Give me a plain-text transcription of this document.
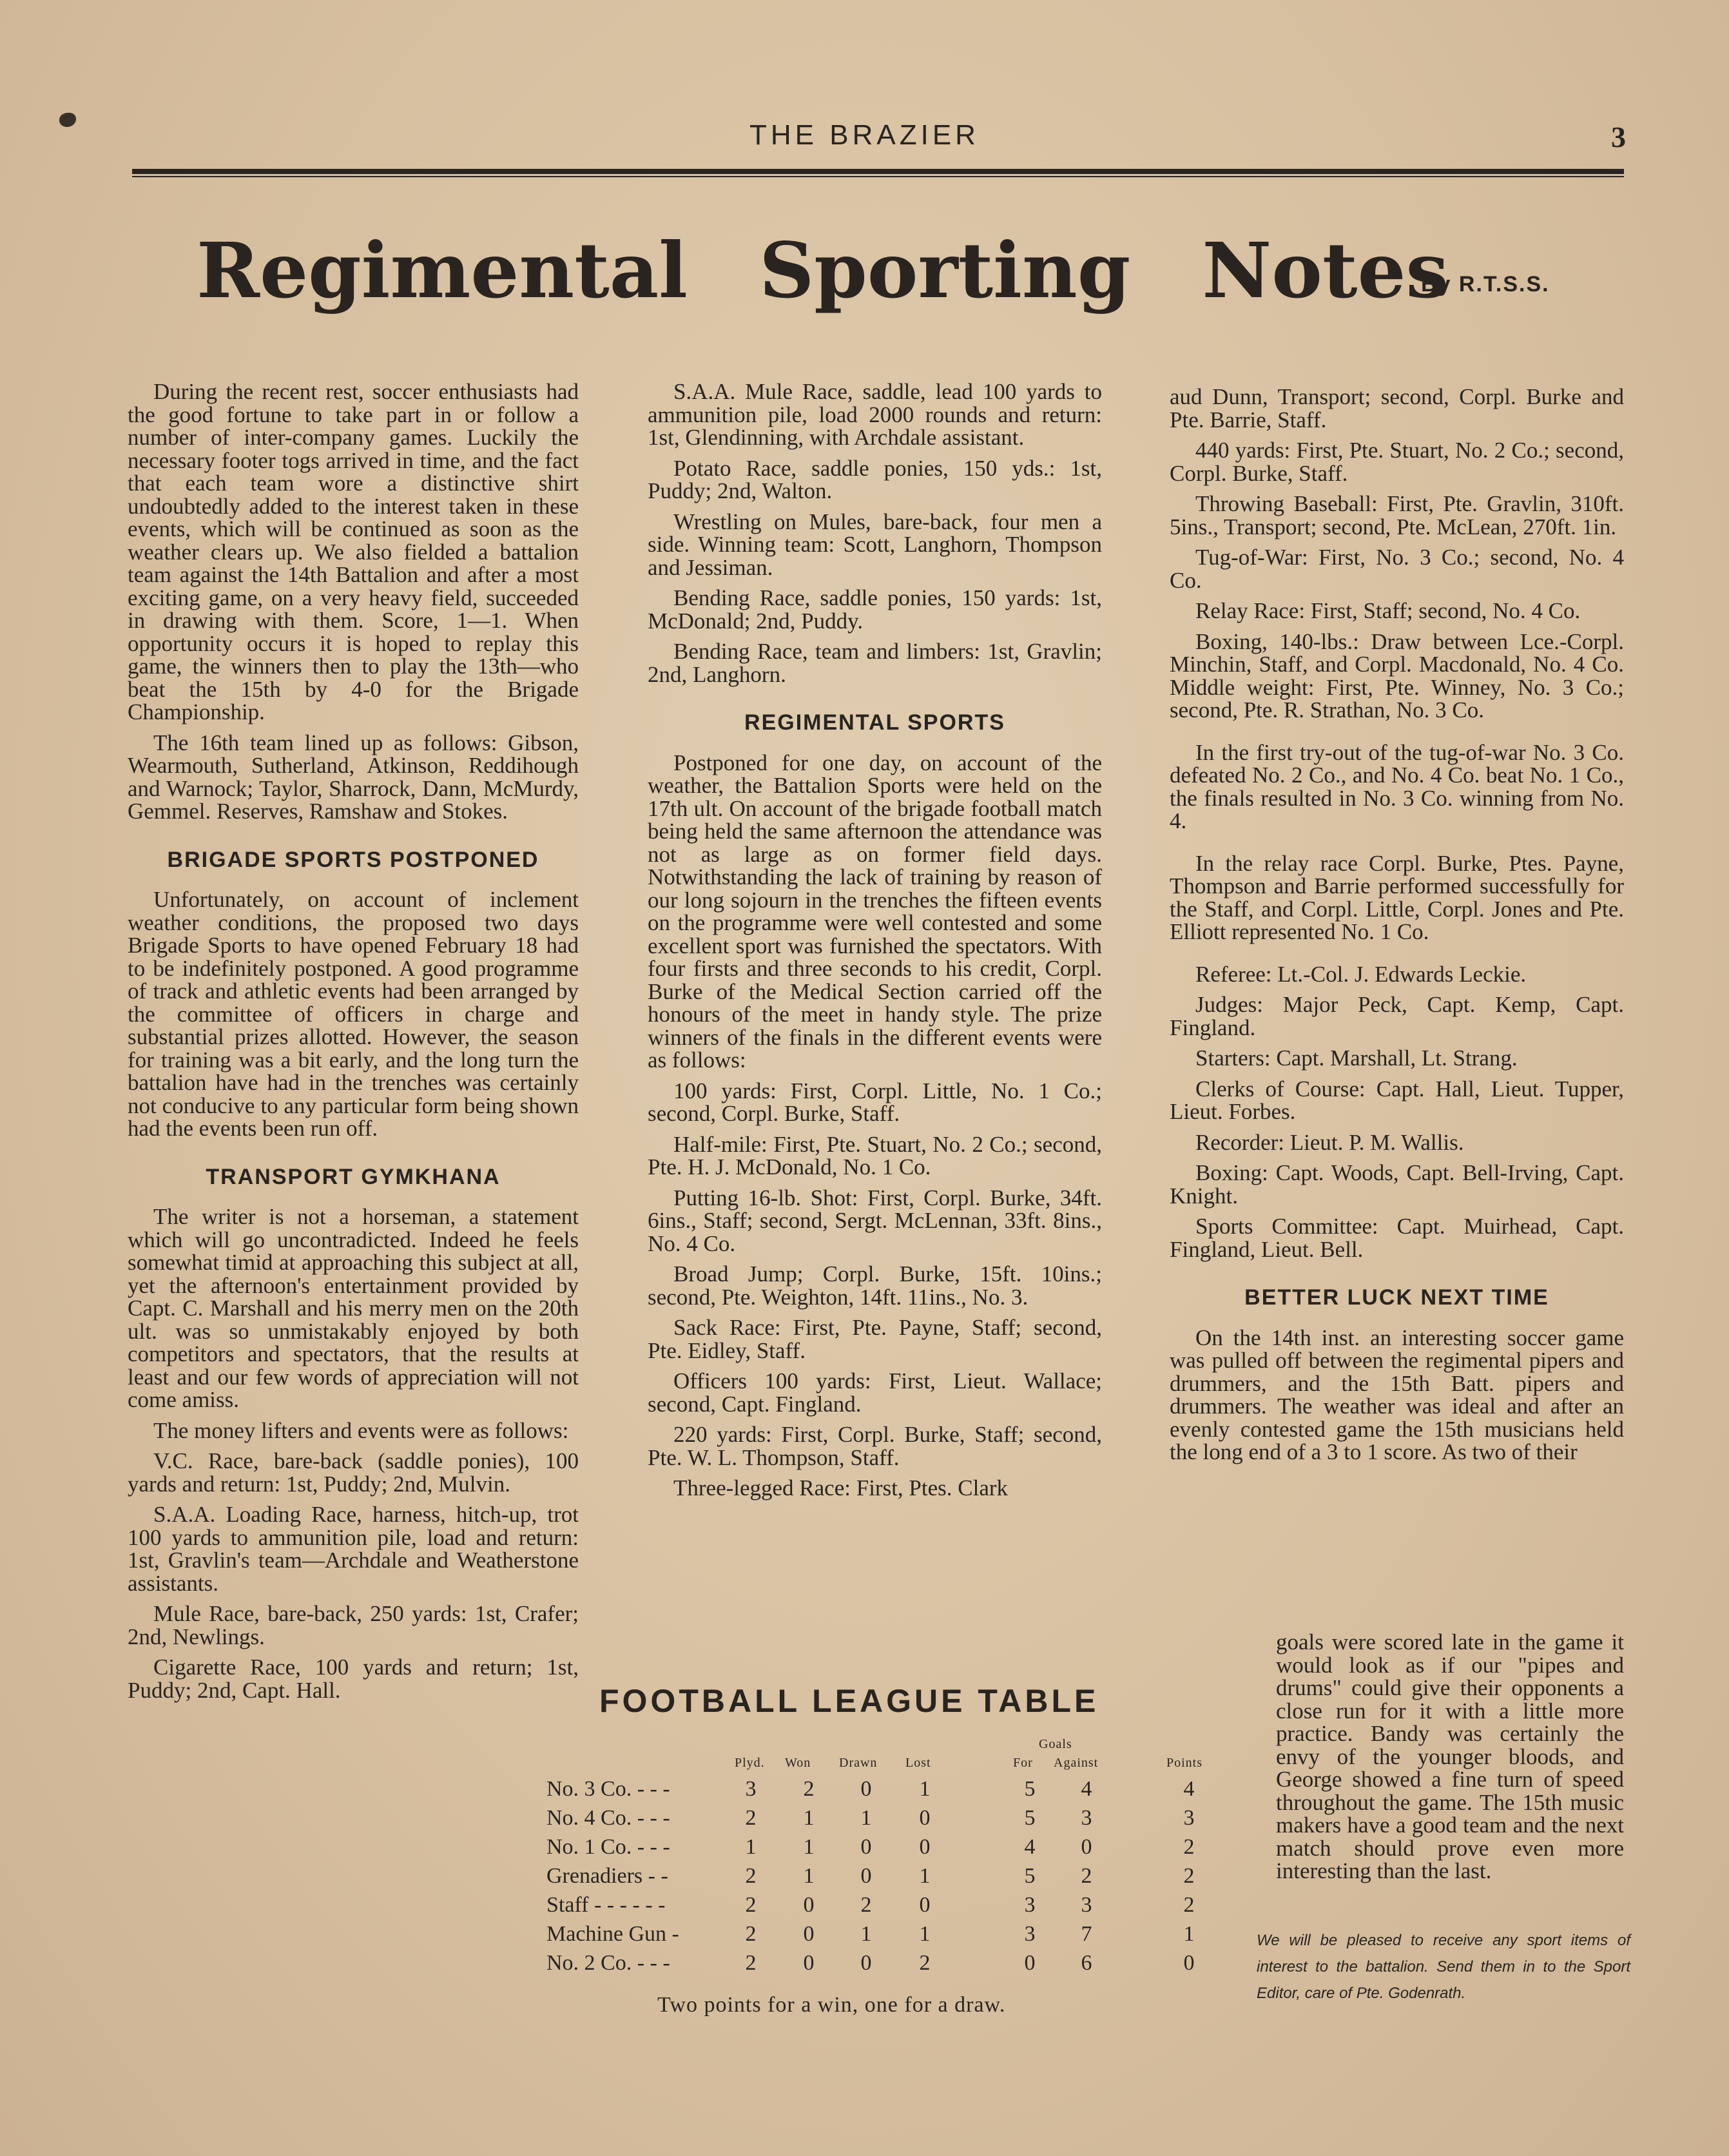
THE BRAZIER	3
Regimental Sporting Notes
By R.T.S.S.

During the recent rest, soccer enthusiasts had the good fortune to take part in or follow a number of inter-company games. Luckily the necessary footer togs arrived in time, and the fact that each team wore a distinctive shirt undoubtedly added to the interest taken in these events, which will be continued as soon as the weather clears up. We also fielded a battalion team against the 14th Battalion and after a most exciting game, on a very heavy field, succeeded in drawing with them. Score, 1—1. When opportunity occurs it is hoped to replay this game, the winners then to play the 13th—who beat the 15th by 4-0 for the Brigade Championship.

The 16th team lined up as follows: Gibson, Wearmouth, Sutherland, Atkinson, Reddihough and Warnock; Taylor, Sharrock, Dann, McMurdy, Gemmel. Reserves, Ramshaw and Stokes.

BRIGADE SPORTS POSTPONED

Unfortunately, on account of inclement weather conditions, the proposed two days Brigade Sports to have opened February 18 had to be indefinitely postponed. A good programme of track and athletic events had been arranged by the committee of officers in charge and substantial prizes allotted. However, the season for training was a bit early, and the long turn the battalion have had in the trenches was certainly not conducive to any particular form being shown had the events been run off.

TRANSPORT GYMKHANA

The writer is not a horseman, a statement which will go uncontradicted. Indeed he feels somewhat timid at approaching this subject at all, yet the afternoon's entertainment provided by Capt. C. Marshall and his merry men on the 20th ult. was so unmistakably enjoyed by both competitors and spectators, that the results at least and our few words of appreciation will not come amiss.

The money lifters and events were as follows:

V.C. Race, bare-back (saddle ponies), 100 yards and return: 1st, Puddy; 2nd, Mulvin.

S.A.A. Loading Race, harness, hitch-up, trot 100 yards to ammunition pile, load and return: 1st, Gravlin's team—Archdale and Weatherstone assistants.

Mule Race, bare-back, 250 yards: 1st, Crafer; 2nd, Newlings.

Cigarette Race, 100 yards and return; 1st, Puddy; 2nd, Capt. Hall.

S.A.A. Mule Race, saddle, lead 100 yards to ammunition pile, load 2000 rounds and return: 1st, Glendinning, with Archdale assistant.

Potato Race, saddle ponies, 150 yds.: 1st, Puddy; 2nd, Walton.

Wrestling on Mules, bare-back, four men a side. Winning team: Scott, Langhorn, Thompson and Jessiman.

Bending Race, saddle ponies, 150 yards: 1st, McDonald; 2nd, Puddy.

Bending Race, team and limbers: 1st, Gravlin; 2nd, Langhorn.

REGIMENTAL SPORTS

Postponed for one day, on account of the weather, the Battalion Sports were held on the 17th ult. On account of the brigade football match being held the same afternoon the attendance was not as large as on former field days. Notwithstanding the lack of training by reason of our long sojourn in the trenches the fifteen events on the programme were well contested and some excellent sport was furnished the spectators. With four firsts and three seconds to his credit, Corpl. Burke of the Medical Section carried off the honours of the meet in handy style. The prize winners of the finals in the different events were as follows:

100 yards: First, Corpl. Little, No. 1 Co.; second, Corpl. Burke, Staff.

Half-mile: First, Pte. Stuart, No. 2 Co.; second, Pte. H. J. McDonald, No. 1 Co.

Putting 16-lb. Shot: First, Corpl. Burke, 34ft. 6ins., Staff; second, Sergt. McLennan, 33ft. 8ins., No. 4 Co.

Broad Jump; Corpl. Burke, 15ft. 10ins.; second, Pte. Weighton, 14ft. 11ins., No. 3.

Sack Race: First, Pte. Payne, Staff; second, Pte. Eidley, Staff.

Officers 100 yards: First, Lieut. Wallace; second, Capt. Fingland.

220 yards: First, Corpl. Burke, Staff; second, Pte. W. L. Thompson, Staff.

Three-legged Race: First, Ptes. Clark

aud Dunn, Transport; second, Corpl. Burke and Pte. Barrie, Staff.

440 yards: First, Pte. Stuart, No. 2 Co.; second, Corpl. Burke, Staff.

Throwing Baseball: First, Pte. Gravlin, 310ft. 5ins., Transport; second, Pte. McLean, 270ft. 1in.

Tug-of-War: First, No. 3 Co.; second, No. 4 Co.

Relay Race: First, Staff; second, No. 4 Co.

Boxing, 140-lbs.: Draw between Lce.-Corpl. Minchin, Staff, and Corpl. Macdonald, No. 4 Co. Middle weight: First, Pte. Winney, No. 3 Co.; second, Pte. R. Strathan, No. 3 Co.

In the first try-out of the tug-of-war No. 3 Co. defeated No. 2 Co., and No. 4 Co. beat No. 1 Co., the finals resulted in No. 3 Co. winning from No. 4.

In the relay race Corpl. Burke, Ptes. Payne, Thompson and Barrie performed successfully for the Staff, and Corpl. Little, Corpl. Jones and Pte. Elliott represented No. 1 Co.

Referee: Lt.-Col. J. Edwards Leckie.

Judges: Major Peck, Capt. Kemp, Capt. Fingland.

Starters: Capt. Marshall, Lt. Strang.

Clerks of Course: Capt. Hall, Lieut. Tupper, Lieut. Forbes.

Recorder: Lieut. P. M. Wallis.

Boxing: Capt. Woods, Capt. Bell-Irving, Capt. Knight.

Sports Committee: Capt. Muirhead, Capt. Fingland, Lieut. Bell.

BETTER LUCK NEXT TIME

On the 14th inst. an interesting soccer game was pulled off between the regimental pipers and drummers, and the 15th Batt. pipers and drummers. The weather was ideal and after an evenly contested game the 15th musicians held the long end of a 3 to 1 score. As two of their

goals were scored late in the game it would look as if our "pipes and drums" could give their opponents a close run for it with a little more practice. Bandy was certainly the envy of the younger bloods, and George showed a fine turn of speed throughout the game. The 15th music makers have a good team and the next match should prove even more interesting than the last.

We will be pleased to receive any sport items of interest to the battalion. Send them in to the Sport Editor, care of Pte. Godenrath.
FOOTBALL LEAGUE TABLE
Goals
Plyd. Won Drawn Lost	For Against	Points
No. 3 Co. - - -	3	2	0	1	5	4	4
No. 4 Co. - - -	2	1	1	0	5	3	3
No. 1 Co. - - -	1	1	0	0	4	0	2
Grenadiers - -	2	1	0	1	5	2	2
Staff - - - - - -	2	0	2	0	3	3	2
Machine Gun -	2	0	1	1	3	7	1
No. 2 Co. - - -	2	0	0	2	0	6	0
Two points for a win, one for a draw.
